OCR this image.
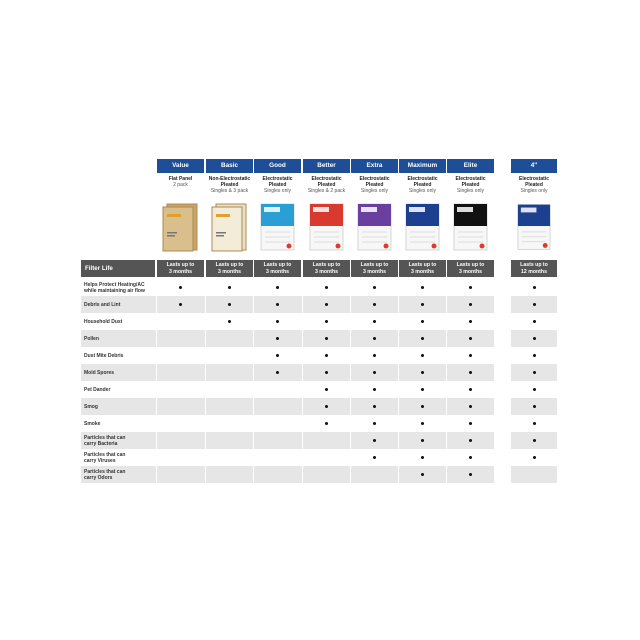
Value
Flat Panel
2 pack
Lasts up to
3 months
Basic
Non-Electrostatic
Pleated
Singles & 3 pack
Lasts up to
3 months
Good
Electrostatic
Pleated
Singles only
Lasts up to
3 months
Better
Electrostatic
Pleated
Singles & 2 pack
Lasts up to
3 months
Extra
Electrostatic
Pleated
Singles only
Lasts up to
3 months
Maximum
Electrostatic
Pleated
Singles only
Lasts up to
3 months
Elite
Electrostatic
Pleated
Singles only
Lasts up to
3 months
4"
Electrostatic
Pleated
Singles only
Lasts up to
12 months
Filter Life
Helps Protect Heating/AC
while maintaining air flow
Debris and Lint
Household Dust
Pollen
Dust Mite Debris
Mold Spores
Pet Dander
Smog
Smoke
Particles that can
carry Bacteria
Particles that can
carry Viruses
Particles that can
carry Odors
